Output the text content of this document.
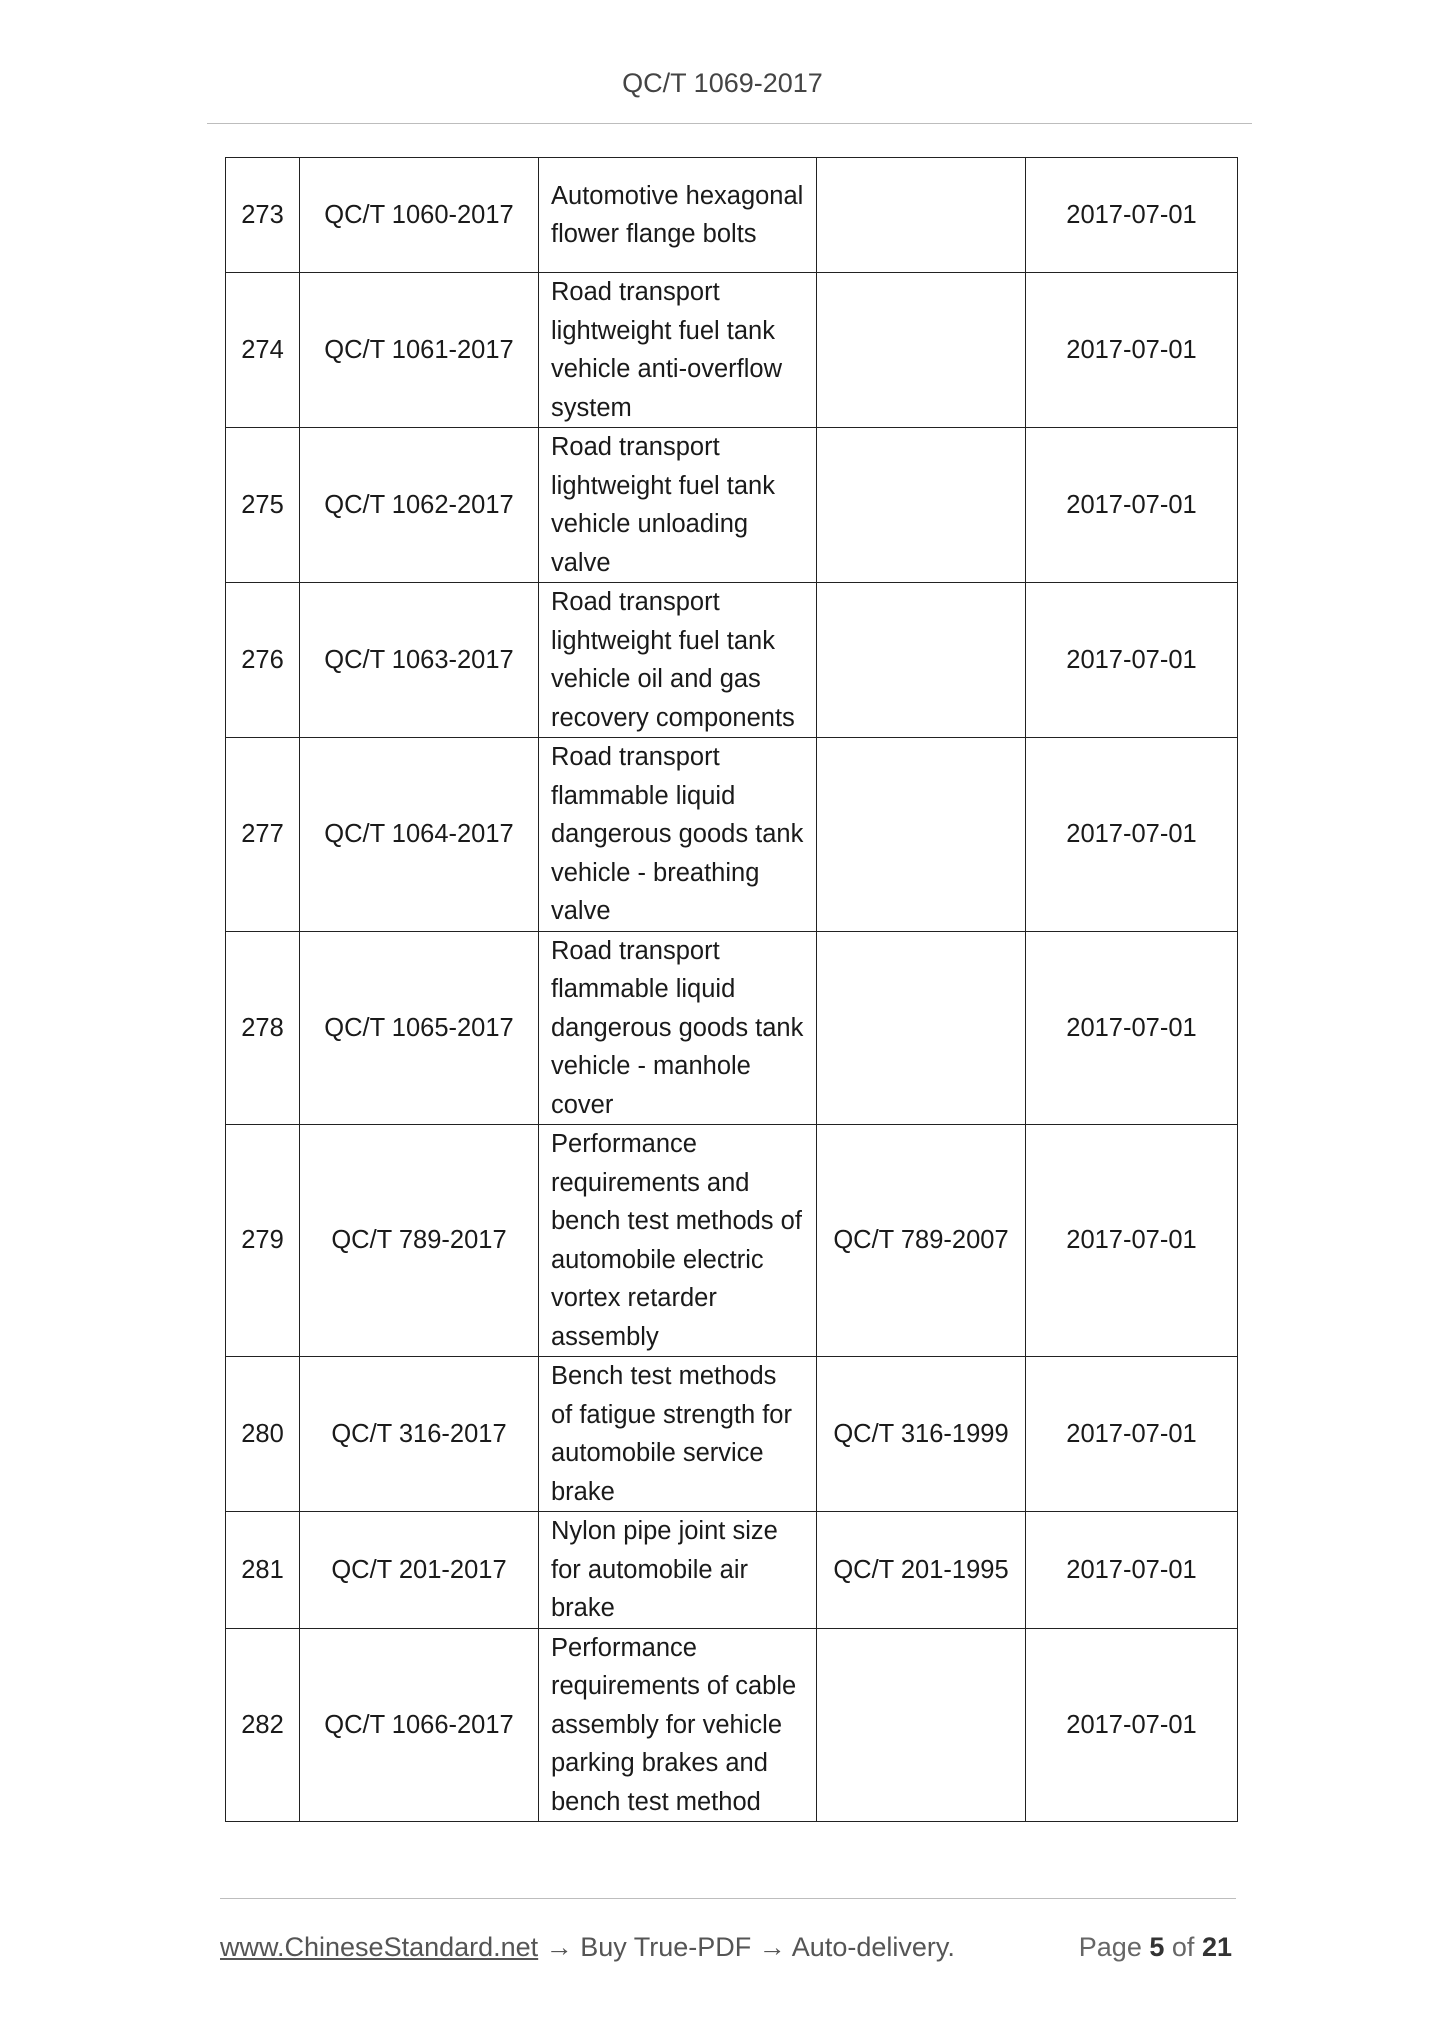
QC/T 1069-2017
273	QC/T 1060-2017	Automotive hexagonal flower flange bolts		2017-07-01
274	QC/T 1061-2017	Road transport lightweight fuel tank vehicle anti-overflow system		2017-07-01
275	QC/T 1062-2017	Road transport lightweight fuel tank vehicle unloading valve		2017-07-01
276	QC/T 1063-2017	Road transport lightweight fuel tank vehicle oil and gas recovery components		2017-07-01
277	QC/T 1064-2017	Road transport flammable liquid dangerous goods tank vehicle - breathing valve		2017-07-01
278	QC/T 1065-2017	Road transport flammable liquid dangerous goods tank vehicle - manhole cover		2017-07-01
279	QC/T 789-2017	Performance requirements and bench test methods of automobile electric vortex retarder assembly	QC/T 789-2007	2017-07-01
280	QC/T 316-2017	Bench test methods of fatigue strength for automobile service brake	QC/T 316-1999	2017-07-01
281	QC/T 201-2017	Nylon pipe joint size for automobile air brake	QC/T 201-1995	2017-07-01
282	QC/T 1066-2017	Performance requirements of cable assembly for vehicle parking brakes and bench test method		2017-07-01
www.ChineseStandard.net → Buy True-PDF → Auto-delivery.	Page 5 of 21
